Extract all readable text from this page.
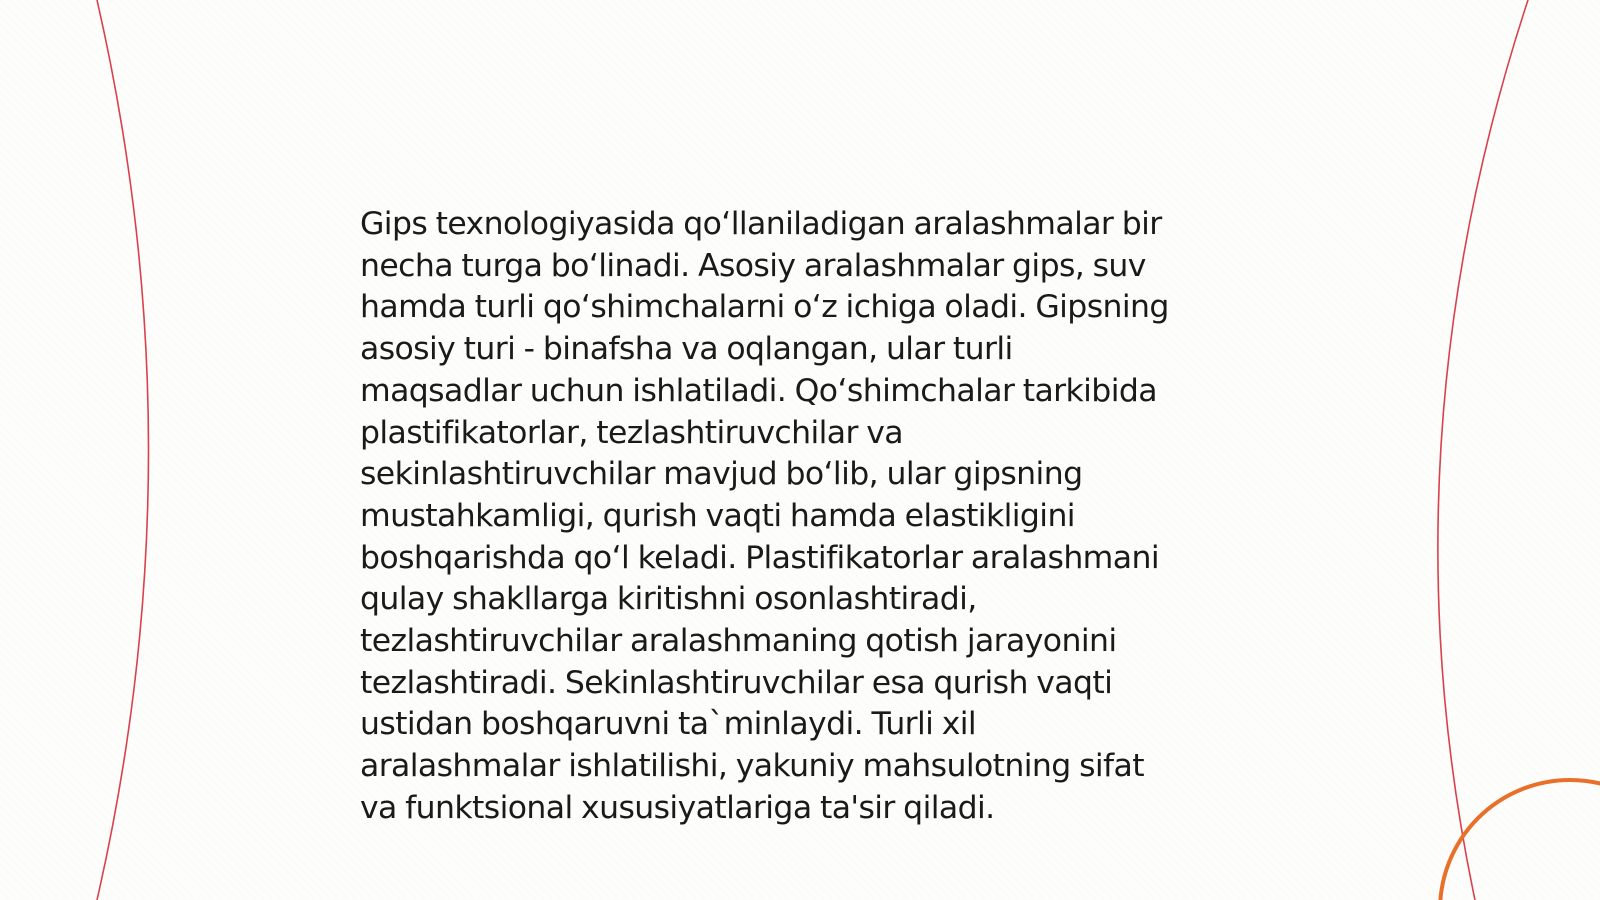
Gips texnologiyasida qo‘llaniladigan aralashmalar bir
necha turga bo‘linadi. Asosiy aralashmalar gips, suv
hamda turli qo‘shimchalarni o‘z ichiga oladi. Gipsning
asosiy turi - binafsha va oqlangan, ular turli
maqsadlar uchun ishlatiladi. Qo‘shimchalar tarkibida
plastifikatorlar, tezlashtiruvchilar va
sekinlashtiruvchilar mavjud bo‘lib, ular gipsning
mustahkamligi, qurish vaqti hamda elastikligini
boshqarishda qo‘l keladi. Plastifikatorlar aralashmani
qulay shakllarga kiritishni osonlashtiradi,
tezlashtiruvchilar aralashmaning qotish jarayonini
tezlashtiradi. Sekinlashtiruvchilar esa qurish vaqti
ustidan boshqaruvni ta`minlaydi. Turli xil
aralashmalar ishlatilishi, yakuniy mahsulotning sifat
va funktsional xususiyatlariga ta'sir qiladi.
